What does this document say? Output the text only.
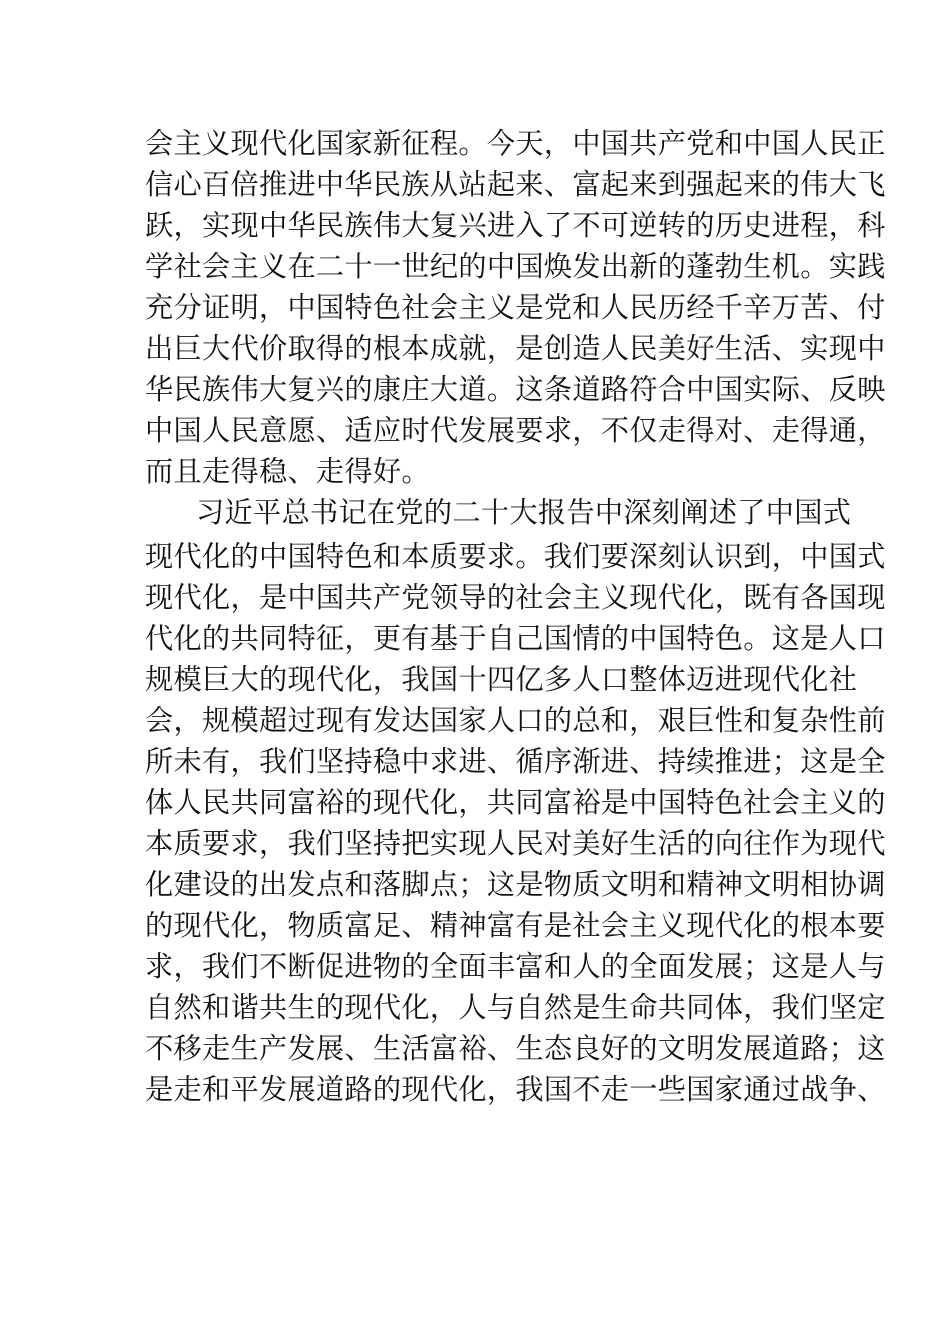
会主义现代化国家新征程。今天，中国共产党和中国人民正
信心百倍推进中华民族从站起来、富起来到强起来的伟大飞
跃，实现中华民族伟大复兴进入了不可逆转的历史进程，科
学社会主义在二十一世纪的中国焕发出新的蓬勃生机。实践
充分证明，中国特色社会主义是党和人民历经千辛万苦、付
出巨大代价取得的根本成就，是创造人民美好生活、实现中
华民族伟大复兴的康庄大道。这条道路符合中国实际、反映
中国人民意愿、适应时代发展要求，不仅走得对、走得通，
而且走得稳、走得好。
习近平总书记在党的二十大报告中深刻阐述了中国式
现代化的中国特色和本质要求。我们要深刻认识到，中国式
现代化，是中国共产党领导的社会主义现代化，既有各国现
代化的共同特征，更有基于自己国情的中国特色。这是人口
规模巨大的现代化，我国十四亿多人口整体迈进现代化社
会，规模超过现有发达国家人口的总和，艰巨性和复杂性前
所未有，我们坚持稳中求进、循序渐进、持续推进；这是全
体人民共同富裕的现代化，共同富裕是中国特色社会主义的
本质要求，我们坚持把实现人民对美好生活的向往作为现代
化建设的出发点和落脚点；这是物质文明和精神文明相协调
的现代化，物质富足、精神富有是社会主义现代化的根本要
求，我们不断促进物的全面丰富和人的全面发展；这是人与
自然和谐共生的现代化，人与自然是生命共同体，我们坚定
不移走生产发展、生活富裕、生态良好的文明发展道路；这
是走和平发展道路的现代化，我国不走一些国家通过战争、
